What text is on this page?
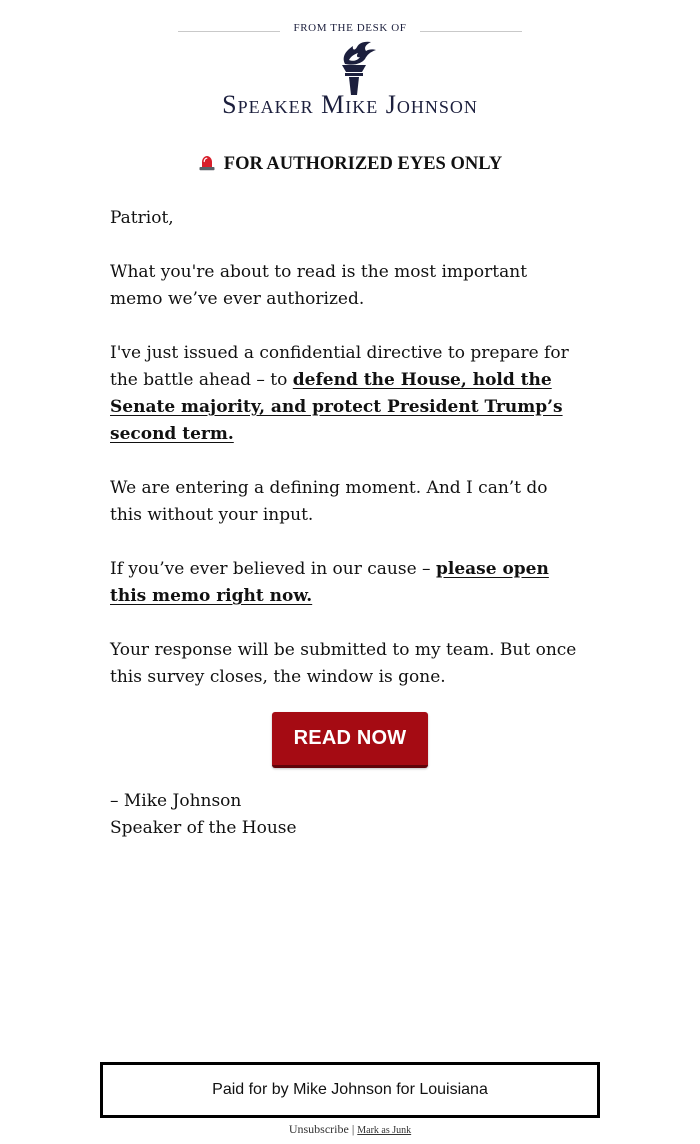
FROM THE DESK OF
Speaker Mike Johnson
FOR AUTHORIZED EYES ONLY

Patriot,

What you're about to read is the most important memo we’ve ever authorized.

I've just issued a confidential directive to prepare for the battle ahead – to defend the House, hold the Senate majority, and protect President Trump’s second term.

We are entering a defining moment. And I can’t do this without your input.

If you’ve ever believed in our cause – please open this memo right now.

Your response will be submitted to my team. But once this survey closes, the window is gone.

READ NOW
– Mike Johnson
Speaker of the House
Paid for by Mike Johnson for Louisiana
Unsubscribe | Mark as Junk
